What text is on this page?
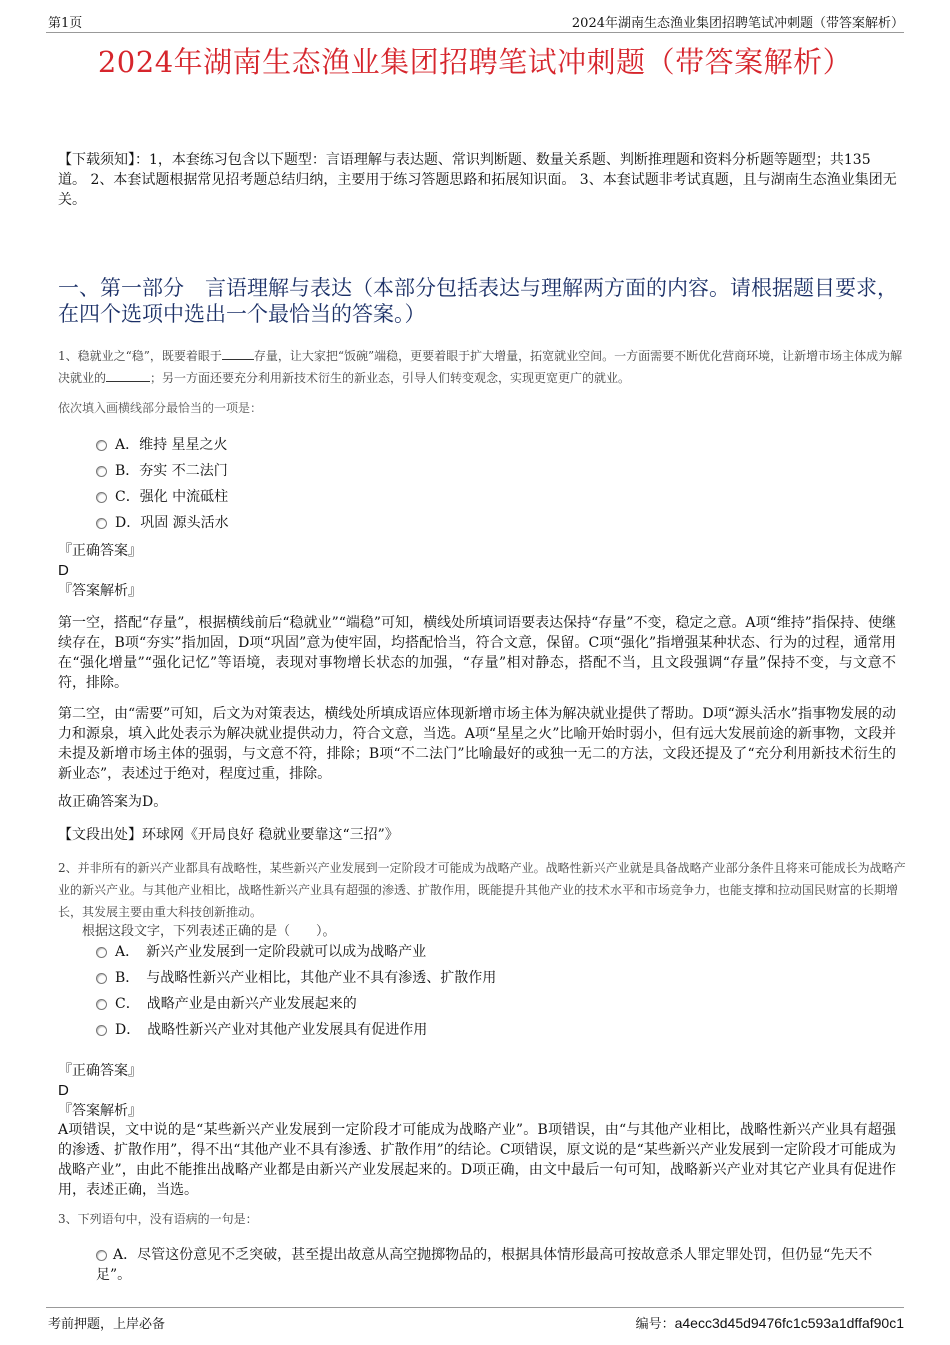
第1页	2024年湖南生态渔业集团招聘笔试冲刺题（带答案解析）
2024年湖南生态渔业集团招聘笔试冲刺题（带答案解析）
【下载须知】：1，本套练习包含以下题型：言语理解与表达题、常识判断题、数量关系题、判断推理题和资料分析题等题型；共135道。 2、本套试题根据常见招考题总结归纳，主要用于练习答题思路和拓展知识面。 3、本套试题非考试真题，且与湖南生态渔业集团无关。
一、第一部分　言语理解与表达（本部分包括表达与理解两方面的内容。请根据题目要求，在四个选项中选出一个最恰当的答案。）
1、稳就业之“稳”，既要着眼于	存量，让大家把“饭碗”端稳，更要着眼于扩大增量，拓宽就业空间。一方面需要不断优化营商环境，让新增市场主体成为解决就业的	；另一方面还要充分利用新技术衍生的新业态，引导人们转变观念，实现更宽更广的就业。
依次填入画横线部分最恰当的一项是：
A．维持 星星之火
B．夯实 不二法门
C．强化 中流砥柱
D．巩固 源头活水
『正确答案』
D
『答案解析』
第一空，搭配“存量”，根据横线前后“稳就业”“端稳”可知，横线处所填词语要表达保持“存量”不变，稳定之意。A项“维持”指保持、使继续存在，B项“夯实”指加固，D项“巩固”意为使牢固，均搭配恰当，符合文意，保留。C项“强化”指增强某种状态、行为的过程，通常用在“强化增量”“强化记忆”等语境，表现对事物增长状态的加强，“存量”相对静态，搭配不当，且文段强调“存量”保持不变，与文意不符，排除。
第二空，由“需要”可知，后文为对策表达，横线处所填成语应体现新增市场主体为解决就业提供了帮助。D项“源头活水”指事物发展的动力和源泉，填入此处表示为解决就业提供动力，符合文意，当选。A项“星星之火”比喻开始时弱小，但有远大发展前途的新事物，文段并未提及新增市场主体的强弱，与文意不符，排除；B项“不二法门”比喻最好的或独一无二的方法，文段还提及了“充分利用新技术衍生的新业态”，表述过于绝对，程度过重，排除。
故正确答案为D。
【文段出处】环球网《开局良好 稳就业要靠这“三招”》
2、并非所有的新兴产业都具有战略性，某些新兴产业发展到一定阶段才可能成为战略产业。战略性新兴产业就是具备战略产业部分条件且将来可能成长为战略产业的新兴产业。与其他产业相比，战略性新兴产业具有超强的渗透、扩散作用，既能提升其他产业的技术水平和市场竞争力，也能支撑和拉动国民财富的长期增长，其发展主要由重大科技创新推动。
根据这段文字，下列表述正确的是（　　）。
A．　新兴产业发展到一定阶段就可以成为战略产业
B．　与战略性新兴产业相比，其他产业不具有渗透、扩散作用
C．　战略产业是由新兴产业发展起来的
D．　战略性新兴产业对其他产业发展具有促进作用
『正确答案』
D
『答案解析』
A项错误，文中说的是“某些新兴产业发展到一定阶段才可能成为战略产业”。B项错误，由“与其他产业相比，战略性新兴产业具有超强的渗透、扩散作用”，得不出“其他产业不具有渗透、扩散作用”的结论。C项错误，原文说的是“某些新兴产业发展到一定阶段才可能成为战略产业”，由此不能推出战略产业都是由新兴产业发展起来的。D项正确，由文中最后一句可知，战略新兴产业对其它产业具有促进作用，表述正确，当选。
3、下列语句中，没有语病的一句是：
A．尽管这份意见不乏突破，甚至提出故意从高空抛掷物品的，根据具体情形最高可按故意杀人罪定罪处罚，但仍显“先天不足”。
考前押题，上岸必备	编号：a4ecc3d45d9476fc1c593a1dffaf90c1
